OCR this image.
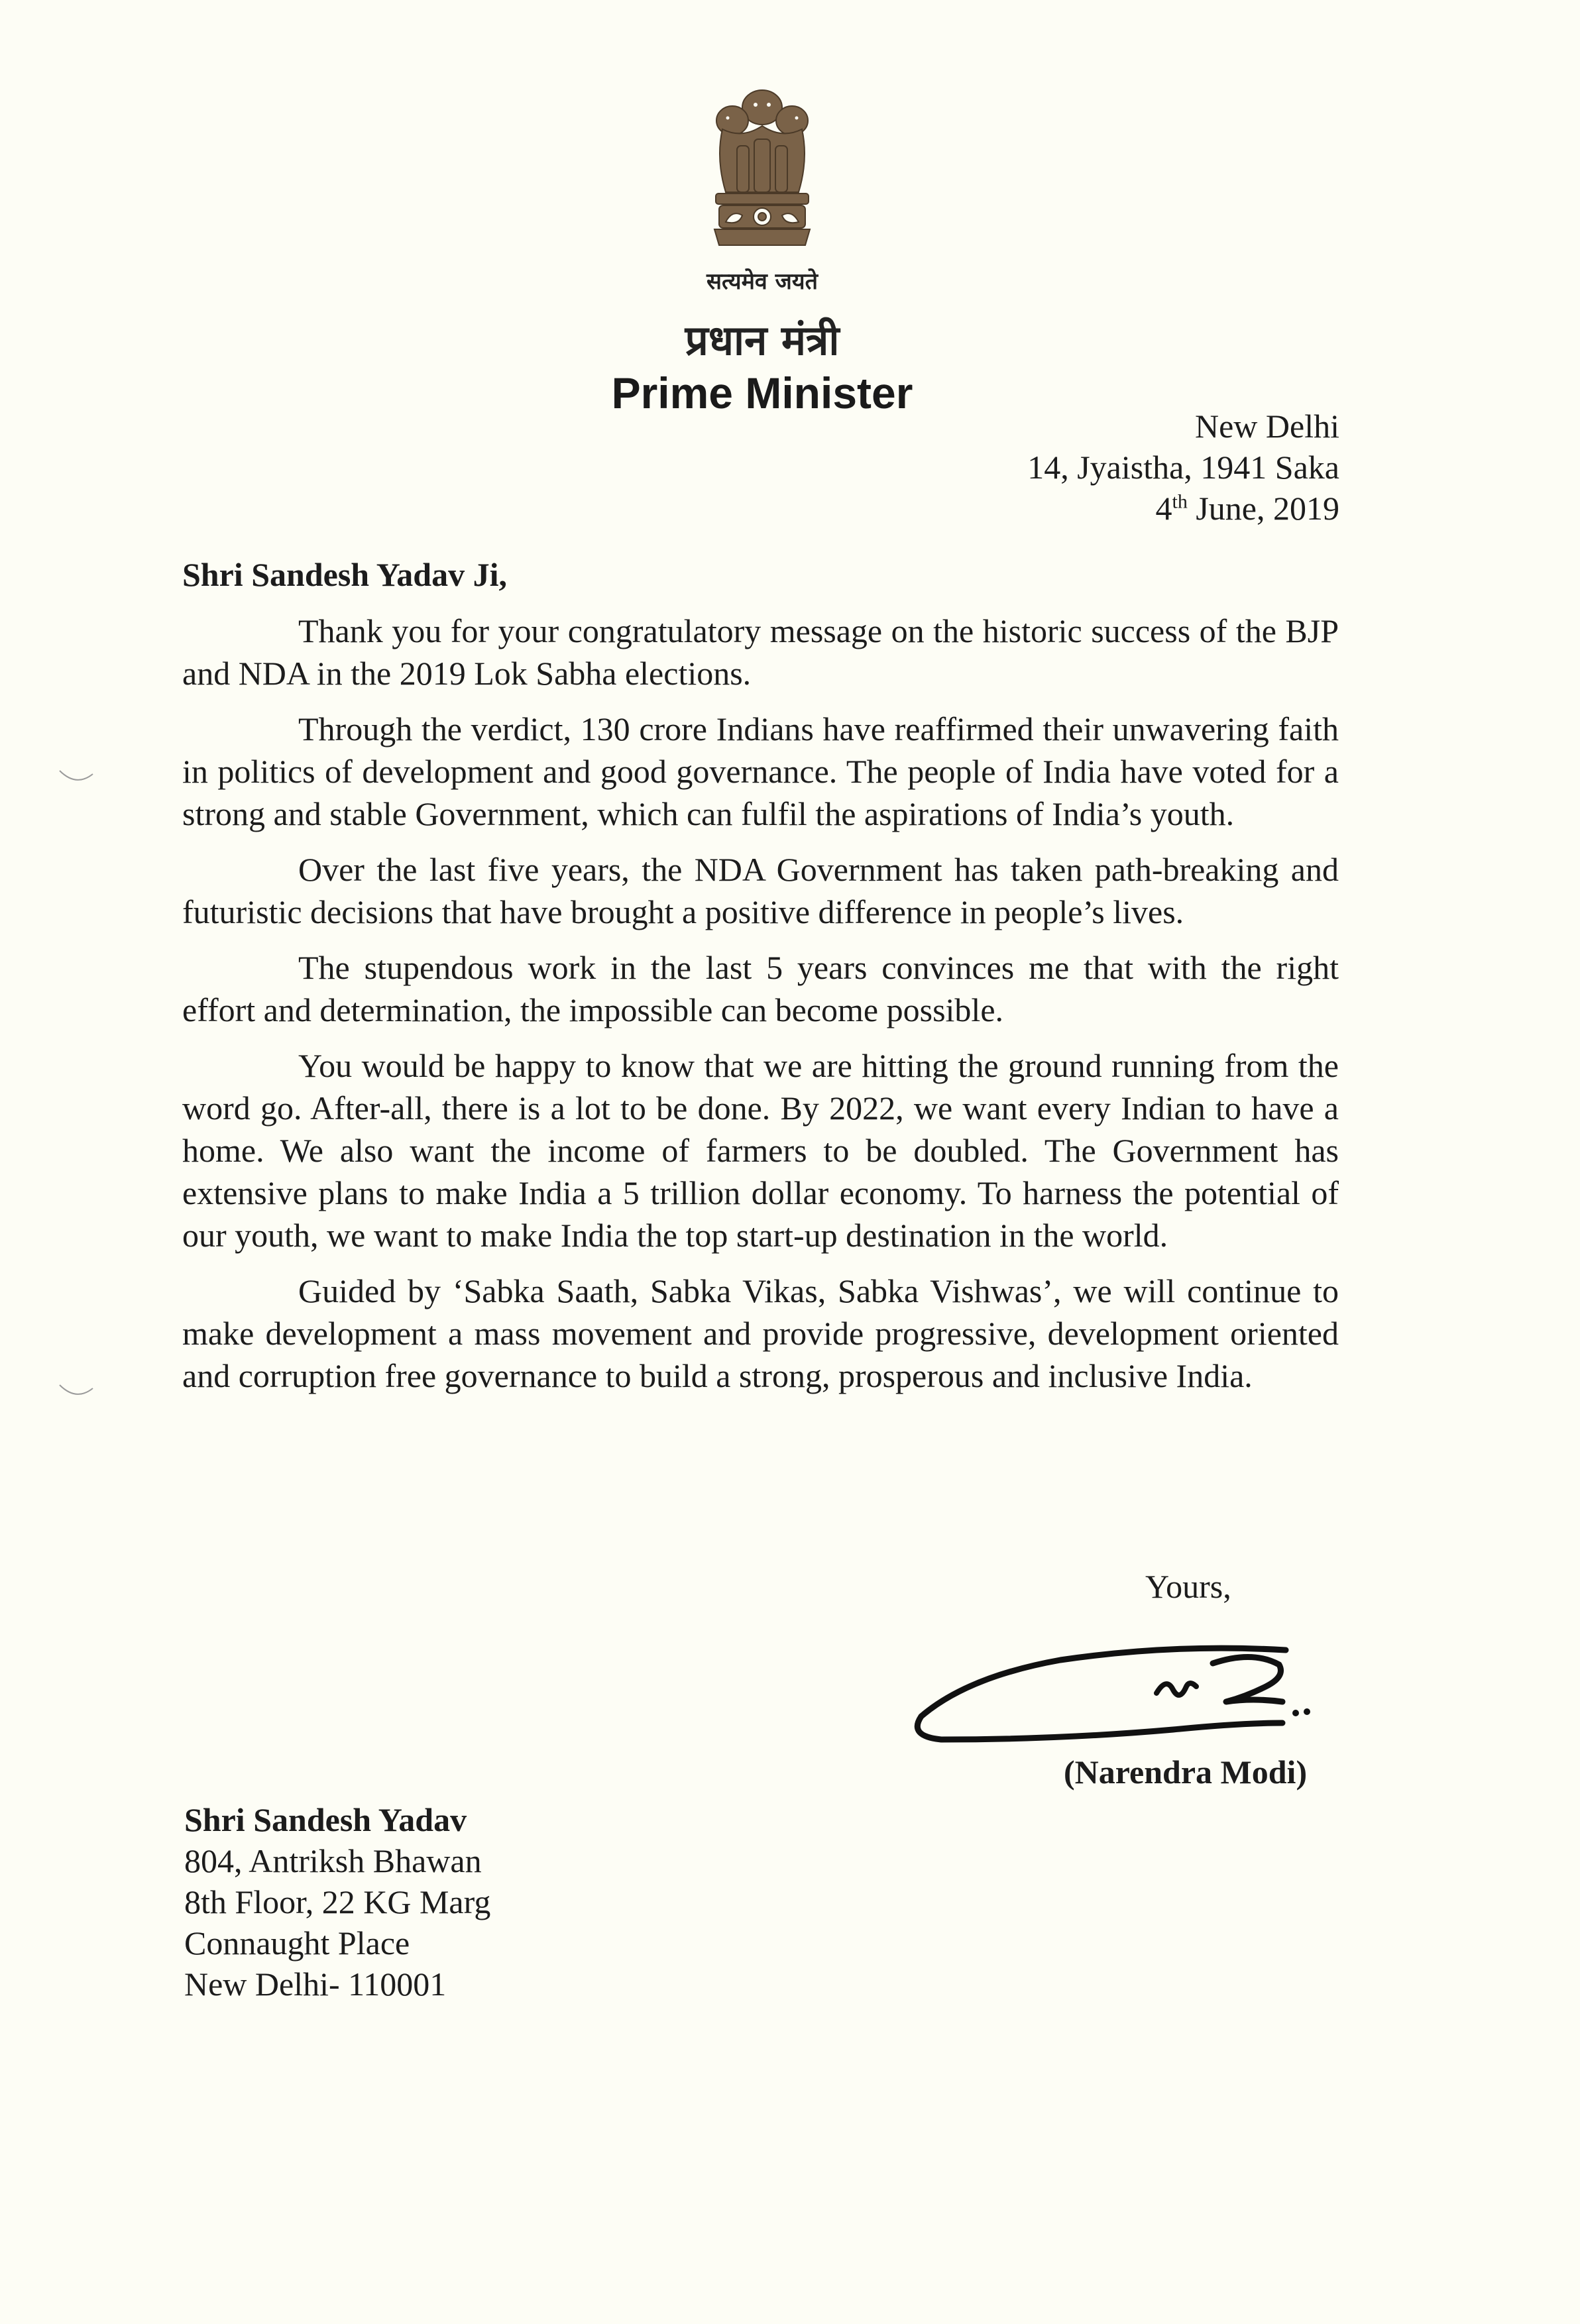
सत्यमेव जयते
प्रधान मंत्री
Prime Minister
New Delhi
14, Jyaistha, 1941 Saka
4th June, 2019
Shri Sandesh Yadav Ji,

Thank you for your congratulatory message on the historic success of the BJP and NDA in the 2019 Lok Sabha elections.

Through the verdict, 130 crore Indians have reaffirmed their unwavering faith in politics of development and good governance. The people of India have voted for a strong and stable Government, which can fulfil the aspirations of India’s youth.

Over the last five years, the NDA Government has taken path-breaking and futuristic decisions that have brought a positive difference in people’s lives.

The stupendous work in the last 5 years convinces me that with the right effort and determination, the impossible can become possible.

You would be happy to know that we are hitting the ground running from the word go. After-all, there is a lot to be done. By 2022, we want every Indian to have a home. We also want the income of farmers to be doubled. The Government has extensive plans to make India a 5 trillion dollar economy. To harness the potential of our youth, we want to make India the top start-up destination in the world.

Guided by ‘Sabka Saath, Sabka Vikas, Sabka Vishwas’, we will continue to make development a mass movement and provide progressive, development oriented and corruption free governance to build a strong, prosperous and inclusive India.

Yours,
(Narendra Modi)
Shri Sandesh Yadav
804, Antriksh Bhawan
8th Floor, 22 KG Marg
Connaught Place
New Delhi- 110001
